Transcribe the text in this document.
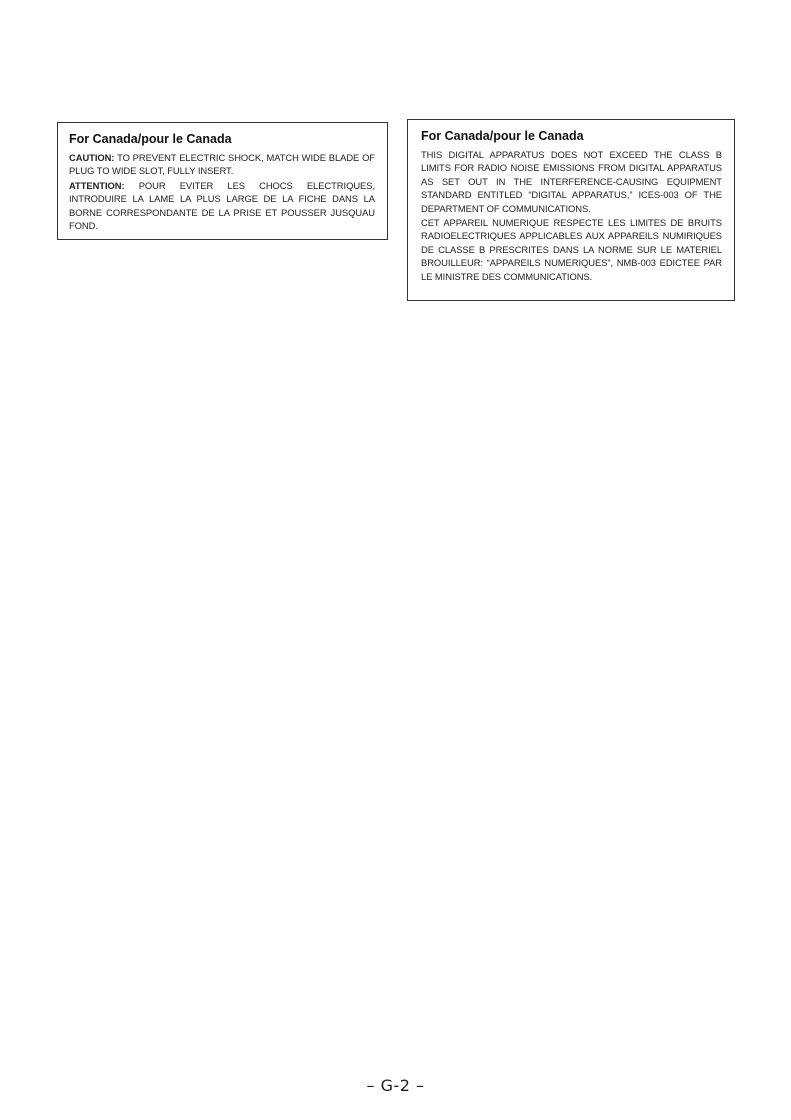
For Canada/pour le Canada

CAUTION: TO PREVENT ELECTRIC SHOCK, MATCH WIDE BLADE OF PLUG TO WIDE SLOT, FULLY INSERT.

ATTENTION: POUR EVITER LES CHOCS ELECTRIQUES, INTRODUIRE LA LAME LA PLUS LARGE DE LA FICHE DANS LA BORNE CORRESPONDANTE DE LA PRISE ET POUSSER JUSQUAU FOND.

For Canada/pour le Canada

THIS DIGITAL APPARATUS DOES NOT EXCEED THE CLASS B LIMITS FOR RADIO NOISE EMISSIONS FROM DIGITAL APPARATUS AS SET OUT IN THE INTERFERENCE-CAUSING EQUIPMENT STANDARD ENTITLED “DIGITAL APPARATUS,” ICES-003 OF THE DEPARTMENT OF COMMUNICATIONS.

CET APPAREIL NUMERIQUE RESPECTE LES LIMITES DE BRUITS RADIOELECTRIQUES APPLICABLES AUX APPAREILS NUMIRIQUES DE CLASSE B PRESCRITES DANS LA NORME SUR LE MATERIEL BROUILLEUR: “APPAREILS NUMERIQUES”, NMB-003 EDICTEE PAR LE MINISTRE DES COMMUNICATIONS.

– G-2 –
